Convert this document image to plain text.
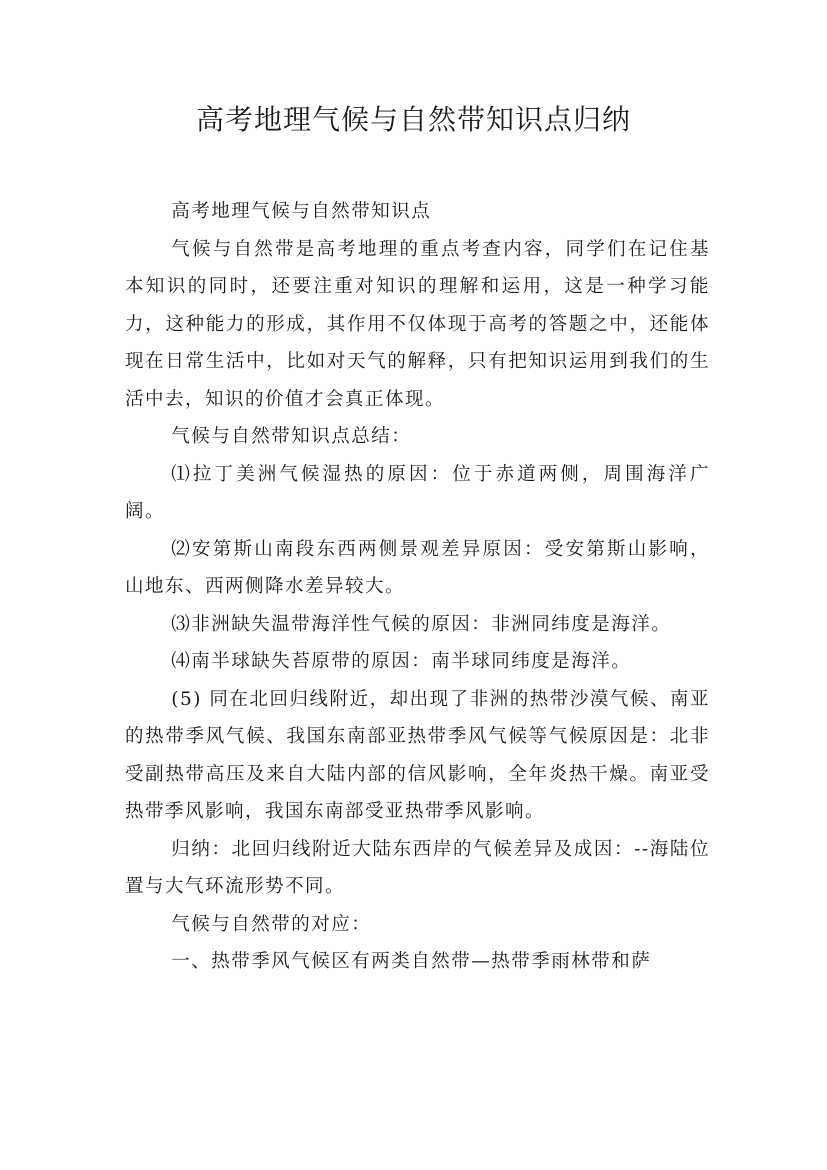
高考地理气候与自然带知识点归纳

高考地理气候与自然带知识点

气候与自然带是高考地理的重点考查内容，同学们在记住基本知识的同时，还要注重对知识的理解和运用，这是一种学习能力，这种能力的形成，其作用不仅体现于高考的答题之中，还能体现在日常生活中，比如对天气的解释，只有把知识运用到我们的生活中去，知识的价值才会真正体现。

气候与自然带知识点总结：

⑴拉丁美洲气候湿热的原因：位于赤道两侧，周围海洋广阔。

⑵安第斯山南段东西两侧景观差异原因：受安第斯山影响，山地东、西两侧降水差异较大。

⑶非洲缺失温带海洋性气候的原因：非洲同纬度是海洋。

⑷南半球缺失苔原带的原因：南半球同纬度是海洋。

(5) 同在北回归线附近，却出现了非洲的热带沙漠气候、南亚的热带季风气候、我国东南部亚热带季风气候等气候原因是：北非受副热带高压及来自大陆内部的信风影响，全年炎热干燥。南亚受热带季风影响，我国东南部受亚热带季风影响。

归纳：北回归线附近大陆东西岸的气候差异及成因：--海陆位置与大气环流形势不同。

气候与自然带的对应：

一、热带季风气候区有两类自然带—热带季雨林带和萨
